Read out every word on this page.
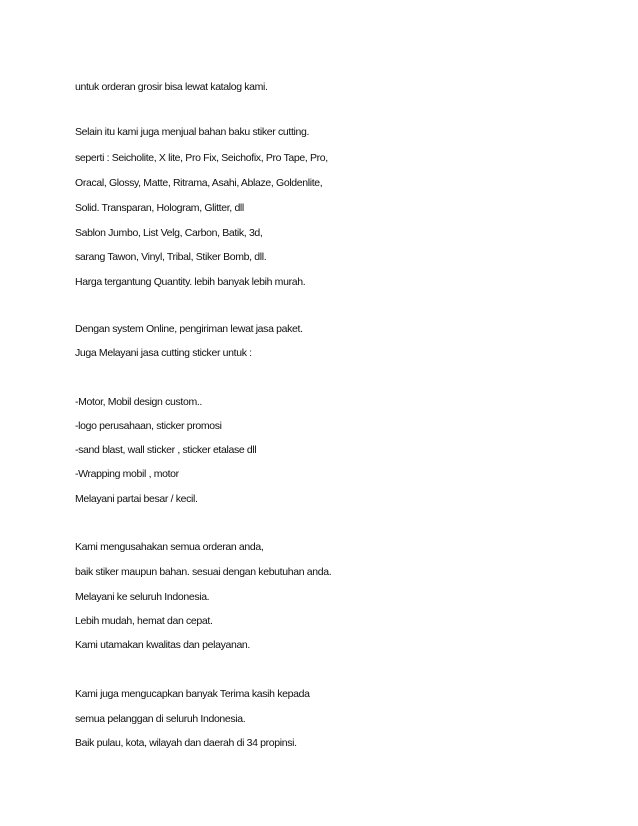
untuk orderan grosir bisa lewat katalog kami.
Selain itu kami juga menjual bahan baku stiker cutting.
seperti : Seicholite, X lite, Pro Fix, Seichofix, Pro Tape, Pro,
Oracal, Glossy, Matte, Ritrama, Asahi, Ablaze, Goldenlite,
Solid. Transparan, Hologram, Glitter, dll
Sablon Jumbo, List Velg, Carbon, Batik, 3d,
sarang Tawon, Vinyl, Tribal, Stiker Bomb, dll.
Harga tergantung Quantity. lebih banyak lebih murah.
Dengan system Online, pengiriman lewat jasa paket.
Juga Melayani jasa cutting sticker untuk :
-Motor, Mobil design custom..
-logo perusahaan, sticker promosi
-sand blast, wall sticker , sticker etalase dll
-Wrapping mobil , motor
Melayani partai besar / kecil.
Kami mengusahakan semua orderan anda,
baik stiker maupun bahan. sesuai dengan kebutuhan anda.
Melayani ke seluruh Indonesia.
Lebih mudah, hemat dan cepat.
Kami utamakan kwalitas dan pelayanan.
Kami juga mengucapkan banyak Terima kasih kepada
semua pelanggan di seluruh Indonesia.
Baik pulau, kota, wilayah dan daerah di 34 propinsi.
